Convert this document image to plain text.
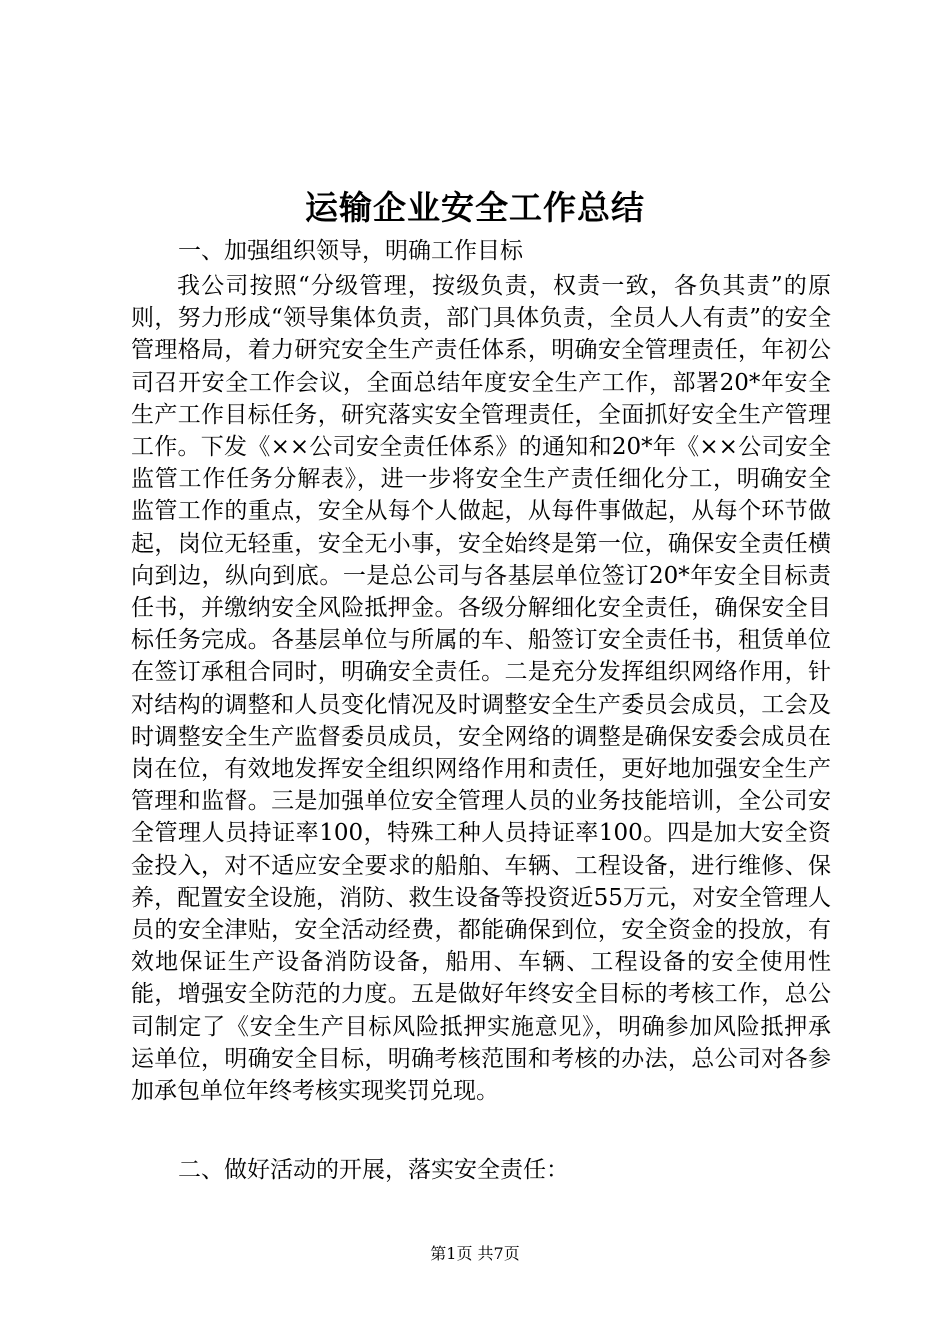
运输企业安全工作总结
一、加强组织领导，明确工作目标

我公司按照“分级管理，按级负责，权责一致，各负其责”的原则，努力形成“领导集体负责，部门具体负责，全员人人有责”的安全管理格局，着力研究安全生产责任体系，明确安全管理责任，年初公司召开安全工作会议，全面总结年度安全生产工作，部署20*年安全生产工作目标任务，研究落实安全管理责任，全面抓好安全生产管理工作。下发《××公司安全责任体系》的通知和20*年《××公司安全监管工作任务分解表》，进一步将安全生产责任细化分工，明确安全监管工作的重点，安全从每个人做起，从每件事做起，从每个环节做起，岗位无轻重，安全无小事，安全始终是第一位，确保安全责任横向到边，纵向到底。一是总公司与各基层单位签订20*年安全目标责任书，并缴纳安全风险抵押金。各级分解细化安全责任，确保安全目标任务完成。各基层单位与所属的车、船签订安全责任书，租赁单位在签订承租合同时，明确安全责任。二是充分发挥组织网络作用，针对结构的调整和人员变化情况及时调整安全生产委员会成员，工会及时调整安全生产监督委员成员，安全网络的调整是确保安委会成员在岗在位，有效地发挥安全组织网络作用和责任，更好地加强安全生产管理和监督。三是加强单位安全管理人员的业务技能培训，全公司安全管理人员持证率100，特殊工种人员持证率100。四是加大安全资金投入，对不适应安全要求的船舶、车辆、工程设备，进行维修、保养，配置安全设施，消防、救生设备等投资近55万元，对安全管理人员的安全津贴，安全活动经费，都能确保到位，安全资金的投放，有效地保证生产设备消防设备，船用、车辆、工程设备的安全使用性能，增强安全防范的力度。五是做好年终安全目标的考核工作，总公司制定了《安全生产目标风险抵押实施意见》，明确参加风险抵押承运单位，明确安全目标，明确考核范围和考核的办法，总公司对各参加承包单位年终考核实现奖罚兑现。

二、做好活动的开展，落实安全责任：
第1页 共7页
